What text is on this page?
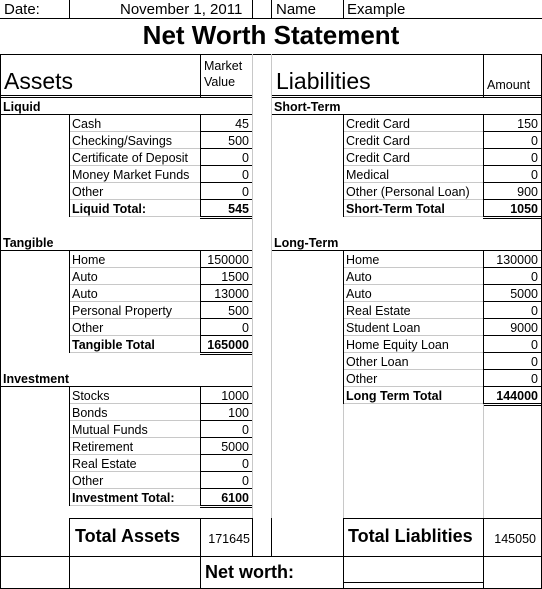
Date:	November 1, 2011 Name Example
Net Worth Statement
Assets
Market Value	Liabilities	Amount
Total Assets	171645	Total Liablities	145050
Net worth:
Liquid
Cash	45
Checking/Savings	500
Certificate of Deposit	0
Money Market Funds	0
Other	0
Liquid Total:	545
Tangible
Home	150000
Auto	1500
Auto	13000
Personal Property	500
Other	0
Tangible Total	165000
Investment
Stocks	1000
Bonds	100
Mutual Funds	0
Retirement	5000
Real Estate	0
Other	0
Investment Total:	6100
Short-Term
Credit Card	150
Credit Card	0
Credit Card	0
Medical	0
Other (Personal Loan)	900
Short-Term Total	1050
Long-Term
Home	130000
Auto	0
Auto	5000
Real Estate	0
Student Loan	9000
Home Equity Loan	0
Other Loan	0
Other	0
Long Term Total	144000
